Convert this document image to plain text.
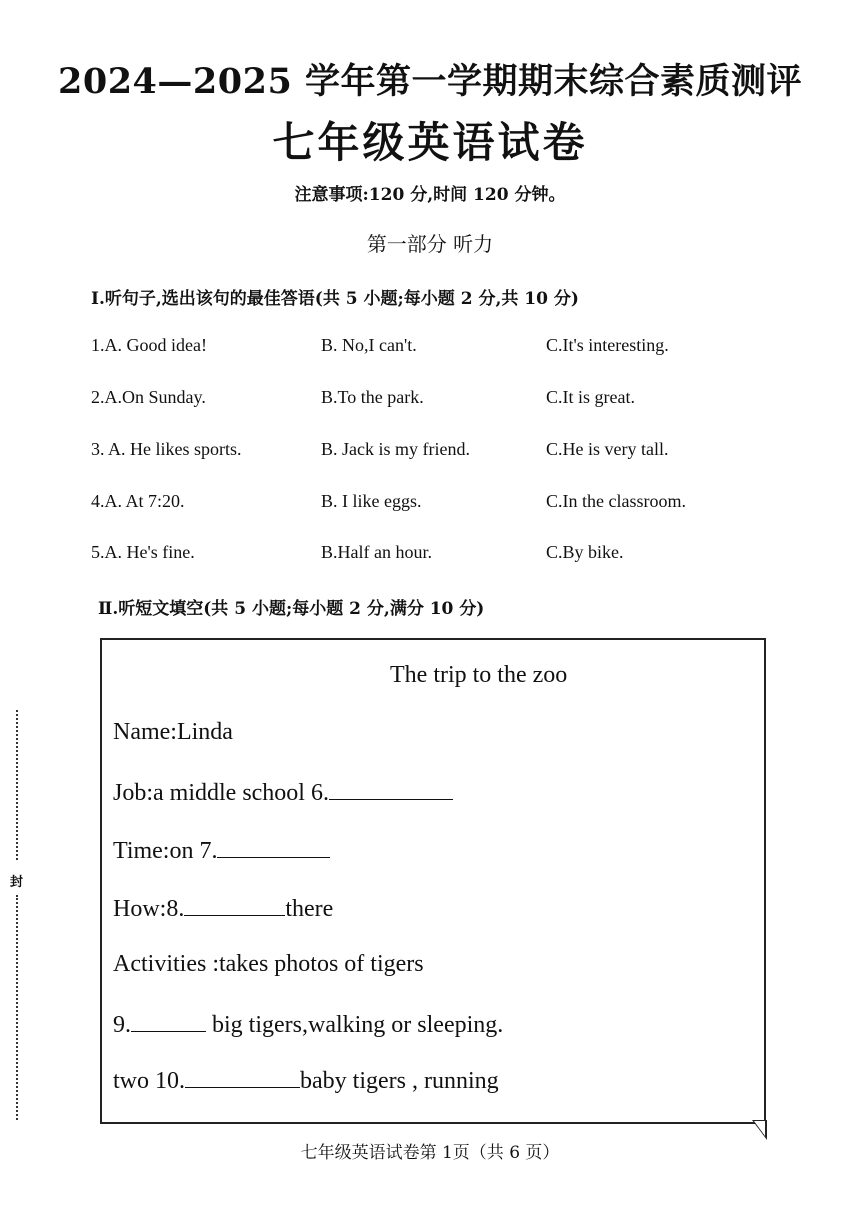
2024—2025 学年第一学期期末综合素质测评
七年级英语试卷
注意事项:120 分,时间 120 分钟。
第一部分 听力
I.听句子,选出该句的最佳答语(共 5 小题;每小题 2 分,共 10 分)
1.A. Good idea!	B. No,I can't.	C.It's interesting.
2.A.On Sunday.	B.To the park.	C.It is great.
3. A. He likes sports.	B. Jack is my friend.	C.He is very tall.
4.A. At 7:20.	B. I like eggs.	C.In the classroom.
5.A. He's fine.	B.Half an hour.	C.By bike.
Ⅱ.听短文填空(共 5 小题;每小题 2 分,满分 10 分)
The trip to the zoo
Name:Linda
Job:a middle school 6.
Time:on 7.
How:8.	there
Activities :takes photos of tigers
9.	big tigers,walking or sleeping.
two 10.	baby tigers , running
七年级英语试卷第 1页（共 6 页）
封
